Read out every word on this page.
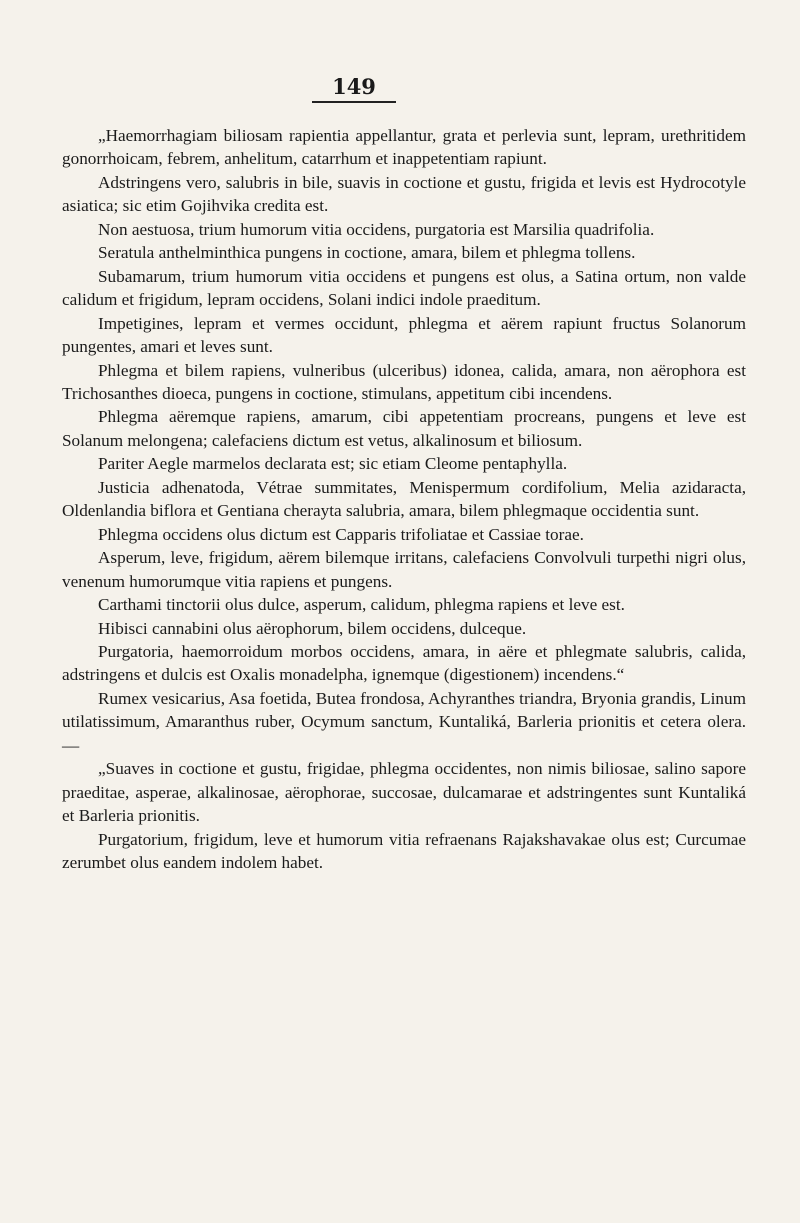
149

„Haemorrhagiam biliosam rapientia appellantur, grata et perlevia sunt, lepram, urethritidem gonorrhoicam, febrem, anhelitum, catarrhum et inappetentiam rapiunt.

Adstringens vero, salubris in bile, suavis in coctione et gustu, frigida et levis est Hydrocotyle asiatica; sic etim Gojihvika credita est.

Non aestuosa, trium humorum vitia occidens, purgatoria est Marsilia quadrifolia.

Seratula anthelminthica pungens in coctione, amara, bilem et phlegma tollens.

Subamarum, trium humorum vitia occidens et pungens est olus, a Satina ortum, non valde calidum et frigidum, lepram occidens, Solani indici indole praeditum.

Impetigines, lepram et vermes occidunt, phlegma et aërem rapiunt fructus Solanorum pungentes, amari et leves sunt.

Phlegma et bilem rapiens, vulneribus (ulceribus) idonea, calida, amara, non aërophora est Trichosanthes dioeca, pungens in coctione, stimulans, appetitum cibi incendens.

Phlegma aëremque rapiens, amarum, cibi appetentiam procreans, pungens et leve est Solanum melongena; calefaciens dictum est vetus, alkalinosum et biliosum.

Pariter Aegle marmelos declarata est; sic etiam Cleome pentaphylla.

Justicia adhenatoda, Vétrae summitates, Menispermum cordifolium, Melia azidaracta, Oldenlandia biflora et Gentiana cherayta salubria, amara, bilem phlegmaque occidentia sunt.

Phlegma occidens olus dictum est Capparis trifoliatae et Cassiae torae.

Asperum, leve, frigidum, aërem bilemque irritans, calefaciens Convolvuli turpethi nigri olus, venenum humorumque vitia rapiens et pungens.

Carthami tinctorii olus dulce, asperum, calidum, phlegma rapiens et leve est.

Hibisci cannabini olus aërophorum, bilem occidens, dulceque.

Purgatoria, haemorroidum morbos occidens, amara, in aëre et phlegmate salubris, calida, adstringens et dulcis est Oxalis monadelpha, ignemque (digestionem) incendens.“

Rumex vesicarius, Asa foetida, Butea frondosa, Achyranthes triandra, Bryonia grandis, Linum utilatissimum, Amaranthus ruber, Ocymum sanctum, Kuntaliká, Barleria prionitis et cetera olera. —

„Suaves in coctione et gustu, frigidae, phlegma occidentes, non nimis biliosae, salino sapore praeditae, asperae, alkalinosae, aërophorae, succosae, dulcamarae et adstringentes sunt Kuntaliká et Barleria prionitis.

Purgatorium, frigidum, leve et humorum vitia refraenans Rajakshavakae olus est; Curcumae zerumbet olus eandem indolem habet.
